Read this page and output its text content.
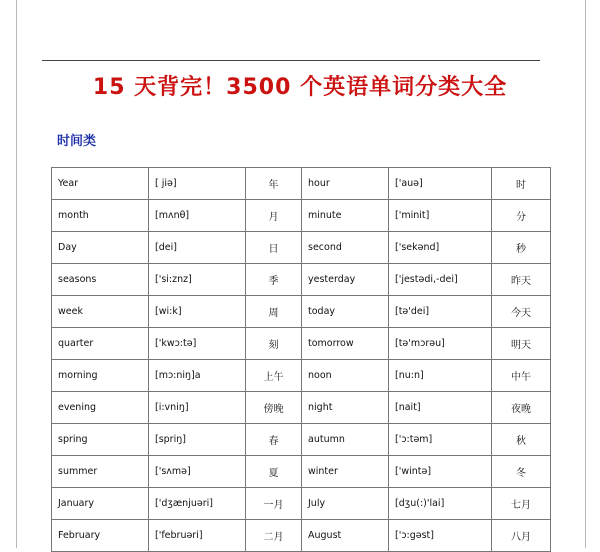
15 天背完！3500 个英语单词分类大全
时间类
Year	[ jiə]	年	hour	['auə]	时
month	[mʌnθ]	月	minute	['minit]	分
Day	[dei]	日	second	['sekənd]	秒
seasons	['si:znz]	季	yesterday	['jestədi,-dei]	昨天
week	[wi:k]	周	today	[tə'dei]	今天
quarter	['kwɔ:tə]	刻	tomorrow	[tə'mɔrəu]	明天
morning	[mɔ:niŋ]a	上午	noon	[nu:n]	中午
evening	[i:vniŋ]	傍晚	night	[nait]	夜晚
spring	[spriŋ]	春	autumn	['ɔ:təm]	秋
summer	['sʌmə]	夏	winter	['wintə]	冬
January	['dʒænjuəri]	一月	July	[dʒu(:)'lai]	七月
February	['februəri]	二月	August	['ɔ:gəst]	八月
